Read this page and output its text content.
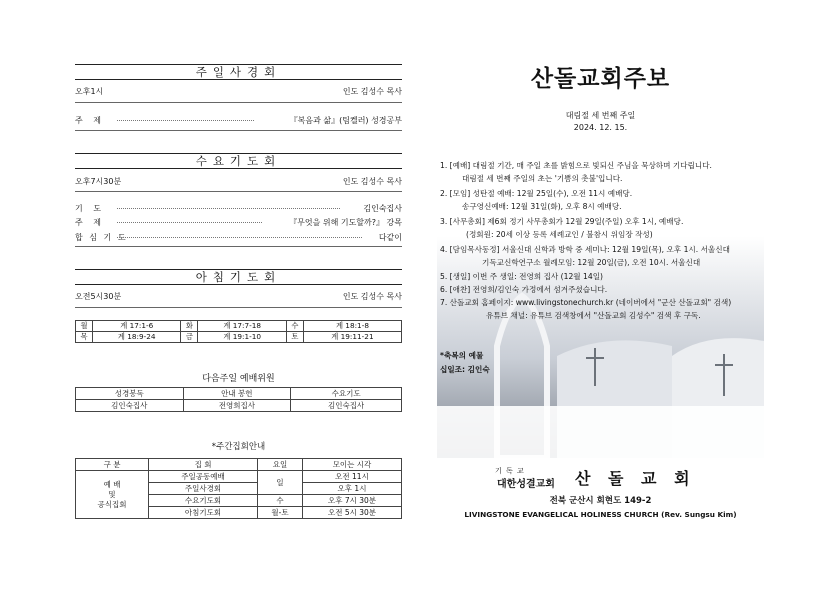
주일사경회
오후1시	인도 김성수 목사
주 제	『복음과 삶』(팀켈러) 성경공부
수요기도회
오후7시30분	인도 김성수 목사
기 도	김인숙집사
주 제	『무엇을 위해 기도할까?』 강목
합 심 기 도	다같이
아침기도회
오전5시30분	인도 김성수 목사
월	계 17:1-6	화	계 17:7-18	수	계 18:1-8
목	계 18:9-24	금	계 19:1-10	토	계 19:11-21
다음주일 예배위원
성경봉독	안내 봉헌	수요기도
김인숙집사	전영희집사	김인숙집사
*주간집회안내
구 분	집 회	요일	모이는 시각
예 배
및
공식집회	주일공동예배	일	오전 11시
	주일사경회		오후 1시
	수요기도회	수	오후 7시 30분
	아침기도회	월-토	오전 5시 30분
산돌교회주보
대림절 세 번째 주일
2024. 12. 15.
1. [예배] 대림절 기간, 매 주일 초를 밝힘으로 빛되신 주님을 묵상하며 기다립니다.
대림절 세 번째 주일의 초는 '기쁨의 촛불'입니다.
2. [모임] 성탄절 예배: 12월 25일(수), 오전 11시 예배당.
송구영신예배: 12월 31일(화), 오후 8시 예배당.
3. [사무총회] 제6회 정기 사무총회가 12월 29일(주일) 오후 1시, 예배당.
(정회원: 20세 이상 등록 세례교인 / 불참시 위임장 작성)
4. [담임목사동정] 서울신대 신학과 방학 중 세미나: 12월 19일(목), 오후 1시. 서울신대
기독교신학연구소 월례모임: 12월 20일(금), 오전 10시. 서울신대
5. [생일] 이번 주 생일: 전영희 집사 (12월 14일)
6. [애찬] 전영희/김인숙 가정에서 섬겨주셨습니다.
7. 산돌교회 홈페이지: www.livingstonechurch.kr (네이버에서 "군산 산돌교회" 검색)
유튜브 채널: 유튜브 검색창에서 "산돌교회 김성수" 검색 후 구독.
*축복의 예물
십일조: 김인숙
기 독 교
대한성결교회 산 돌 교 회
전북 군산시 회현도 149-2
LIVINGSTONE EVANGELICAL HOLINESS CHURCH (Rev. Sungsu Kim)
